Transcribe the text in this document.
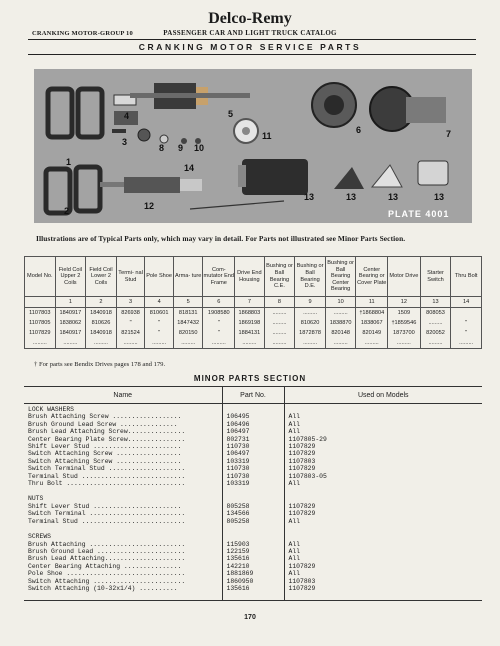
CRANKING MOTOR-GROUP 10
Delco-Remy
PASSENGER CAR AND LIGHT TRUCK CATALOG
CRANKING MOTOR SERVICE PARTS
1
2
3
4	5
6	7
8 9 10
11
12
13	13	13	13
14
PLATE 4001
Illustrations are of Typical Parts only, which may vary in detail. For Parts not illustrated see Minor Parts Section.
Model No.	Field Coil Upper 2 Coils	Field Coil Lower 2 Coils	Termi- nal Stud	Pole Shoe	Arma- ture	Com- mutator End Frame	Drive End Housing	Bushing or Ball Bearing C.E.	Bushing or Ball Bearing D.E.	Bushing or Ball Bearing Center Bearing	Center Bearing or Cover Plate	Motor Drive	Starter Switch	Thru Bolt
	1	2	3	4	5	6	7	8	9	10	11	12	13	14
1107803	1840917	1840918	826938	810601	818131	1908580	1868803	.........	.........	.........	†1868804	1509	808053	
1107805	1838062	810626	"	"	1847432	"	1869198	.........	810620	1838870	1838067	†1859546	.........	"
1107829	1840917	1840918	821524	"	820150	"	1884131	.........	1872878	820148	820149	1873700	820052	"
.........	.........	.........	.........	.........	.........	.........	.........	.........	.........	.........	.........	.........	.........	.........
† For parts see Bendix Drives pages 178 and 179.
MINOR PARTS SECTION
Name	Part No.	Used on Models
LOCK WASHERS		
Brush Attaching Screw ..................	106495	All
Brush Ground Lead Screw ...............	106496	All
Brush Lead Attaching Screw...............	106497	All
Center Bearing Plate Screw...............	802731	1107805-29
Shift Lever Stud .......................	110730	1107829
Switch Attaching Screw .................	106497	1107829
Switch Attaching Screw .................	103319	1107803
Switch Terminal Stud ....................	110730	1107829
Terminal Stud ...........................	110730	1107803-05
Thru Bolt ...............................	103319	All

NUTS		
Shift Lever Stud .......................	805258	1107829
Switch Terminal .........................	134566	1107829
Terminal Stud ...........................	805258	All

SCREWS		
Brush Attaching .........................	115903	All
Brush Ground Lead .......................	122159	All
Brush Lead Attaching.....................	135616	All
Center Bearing Attaching ...............	142210	1107829
Pole Shoe ...............................	1881869	All
Switch Attaching ........................	1860950	1107803
Switch Attaching (10-32x1/4) ..........	135616	1107829

170
